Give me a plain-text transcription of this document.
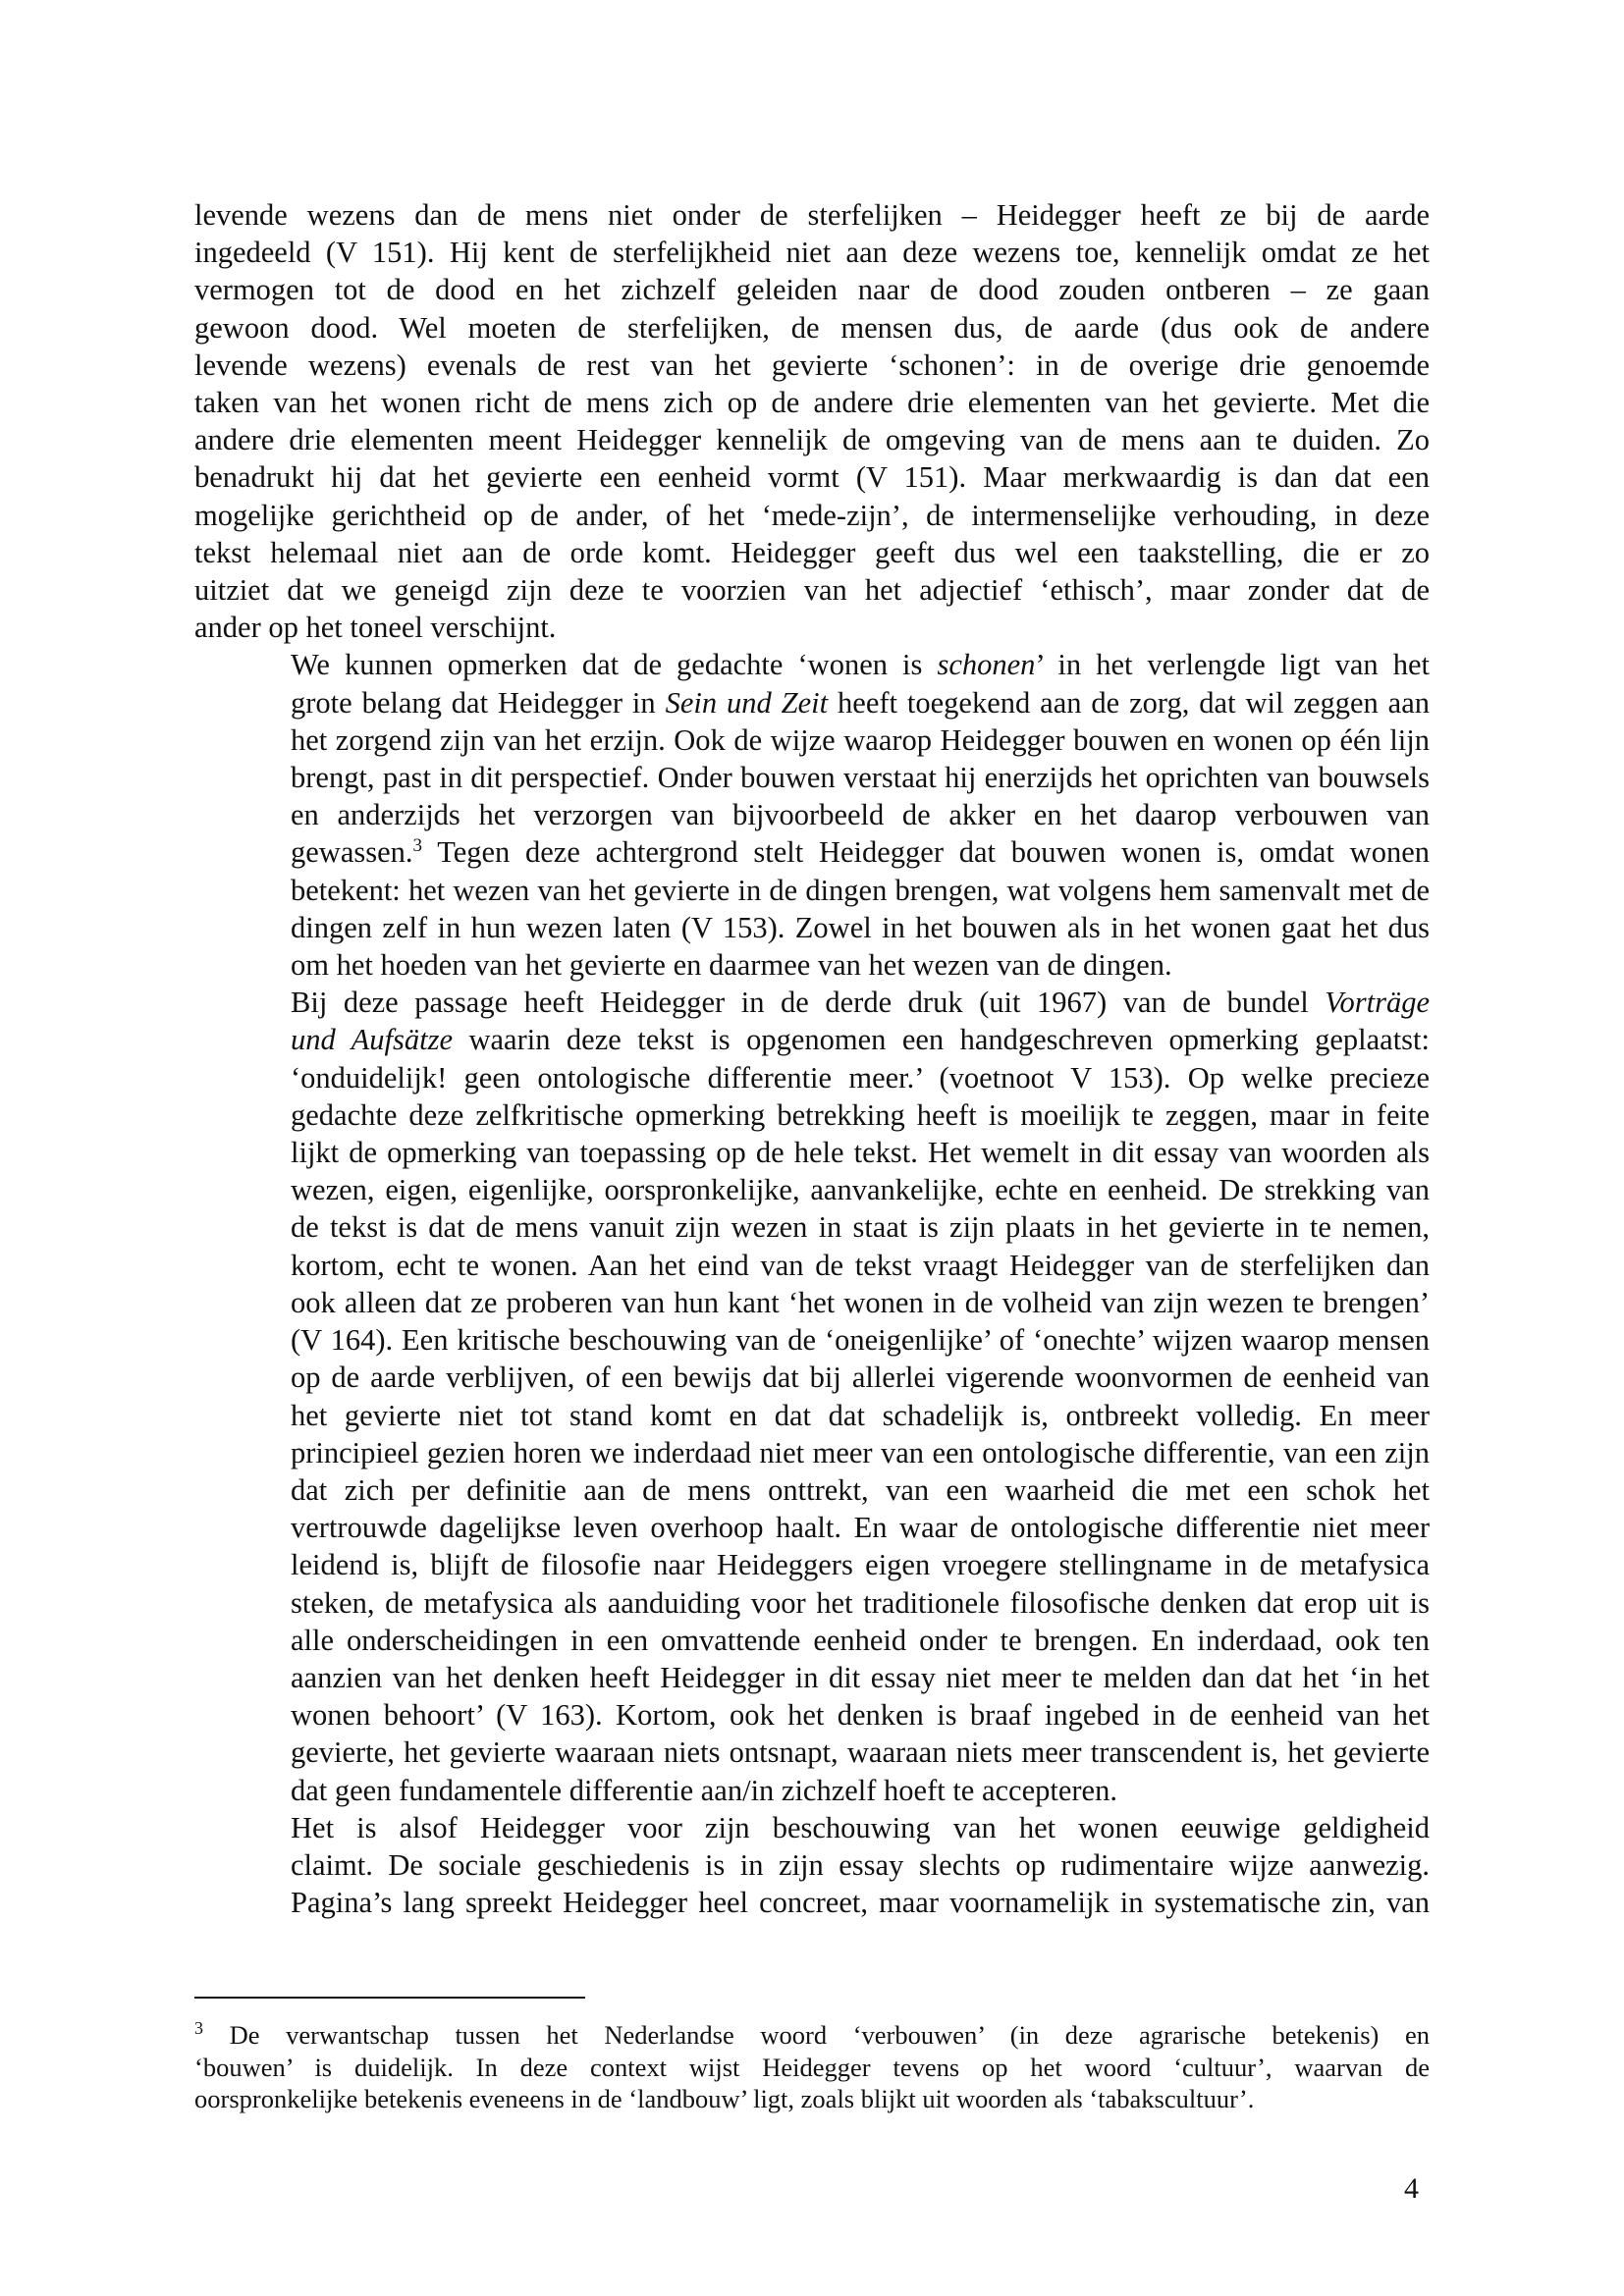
levende wezens dan de mens niet onder de sterfelijken – Heidegger heeft ze bij de aarde
ingedeeld (V 151). Hij kent de sterfelijkheid niet aan deze wezens toe, kennelijk omdat ze het
vermogen tot de dood en het zichzelf geleiden naar de dood zouden ontberen – ze gaan
gewoon dood. Wel moeten de sterfelijken, de mensen dus, de aarde (dus ook de andere
levende wezens) evenals de rest van het gevierte ‘schonen’: in de overige drie genoemde
taken van het wonen richt de mens zich op de andere drie elementen van het gevierte. Met die
andere drie elementen meent Heidegger kennelijk de omgeving van de mens aan te duiden. Zo
benadrukt hij dat het gevierte een eenheid vormt (V 151). Maar merkwaardig is dan dat een
mogelijke gerichtheid op de ander, of het ‘mede-zijn’, de intermenselijke verhouding, in deze
tekst helemaal niet aan de orde komt. Heidegger geeft dus wel een taakstelling, die er zo
uitziet dat we geneigd zijn deze te voorzien van het adjectief ‘ethisch’, maar zonder dat de
ander op het toneel verschijnt.

We kunnen opmerken dat de gedachte ‘wonen is schonen’ in het verlengde ligt van het
grote belang dat Heidegger in Sein und Zeit heeft toegekend aan de zorg, dat wil zeggen aan
het zorgend zijn van het erzijn. Ook de wijze waarop Heidegger bouwen en wonen op één lijn
brengt, past in dit perspectief. Onder bouwen verstaat hij enerzijds het oprichten van bouwsels
en anderzijds het verzorgen van bijvoorbeeld de akker en het daarop verbouwen van
gewassen.$^3$ Tegen deze achtergrond stelt Heidegger dat bouwen wonen is, omdat wonen
betekent: het wezen van het gevierte in de dingen brengen, wat volgens hem samenvalt met de
dingen zelf in hun wezen laten (V 153). Zowel in het bouwen als in het wonen gaat het dus
om het hoeden van het gevierte en daarmee van het wezen van de dingen.

Bij deze passage heeft Heidegger in de derde druk (uit 1967) van de bundel Vorträge
und Aufsätze waarin deze tekst is opgenomen een handgeschreven opmerking geplaatst:
‘onduidelijk! geen ontologische differentie meer.’ (voetnoot V 153). Op welke precieze
gedachte deze zelfkritische opmerking betrekking heeft is moeilijk te zeggen, maar in feite
lijkt de opmerking van toepassing op de hele tekst. Het wemelt in dit essay van woorden als
wezen, eigen, eigenlijke, oorspronkelijke, aanvankelijke, echte en eenheid. De strekking van
de tekst is dat de mens vanuit zijn wezen in staat is zijn plaats in het gevierte in te nemen,
kortom, echt te wonen. Aan het eind van de tekst vraagt Heidegger van de sterfelijken dan
ook alleen dat ze proberen van hun kant ‘het wonen in de volheid van zijn wezen te brengen’
(V 164). Een kritische beschouwing van de ‘oneigenlijke’ of ‘onechte’ wijzen waarop mensen
op de aarde verblijven, of een bewijs dat bij allerlei vigerende woonvormen de eenheid van
het gevierte niet tot stand komt en dat dat schadelijk is, ontbreekt volledig. En meer
principieel gezien horen we inderdaad niet meer van een ontologische differentie, van een zijn
dat zich per definitie aan de mens onttrekt, van een waarheid die met een schok het
vertrouwde dagelijkse leven overhoop haalt. En waar de ontologische differentie niet meer
leidend is, blijft de filosofie naar Heideggers eigen vroegere stellingname in de metafysica
steken, de metafysica als aanduiding voor het traditionele filosofische denken dat erop uit is
alle onderscheidingen in een omvattende eenheid onder te brengen. En inderdaad, ook ten
aanzien van het denken heeft Heidegger in dit essay niet meer te melden dan dat het ‘in het
wonen behoort’ (V 163). Kortom, ook het denken is braaf ingebed in de eenheid van het
gevierte, het gevierte waaraan niets ontsnapt, waaraan niets meer transcendent is, het gevierte
dat geen fundamentele differentie aan/in zichzelf hoeft te accepteren.

Het is alsof Heidegger voor zijn beschouwing van het wonen eeuwige geldigheid
claimt. De sociale geschiedenis is in zijn essay slechts op rudimentaire wijze aanwezig.
Pagina’s lang spreekt Heidegger heel concreet, maar voornamelijk in systematische zin, van

$^3$ De verwantschap tussen het Nederlandse woord ‘verbouwen’ (in deze agrarische betekenis) en
‘bouwen’ is duidelijk. In deze context wijst Heidegger tevens op het woord ‘cultuur’, waarvan de
oorspronkelijke betekenis eveneens in de ‘landbouw’ ligt, zoals blijkt uit woorden als ‘tabakscultuur’.
4
